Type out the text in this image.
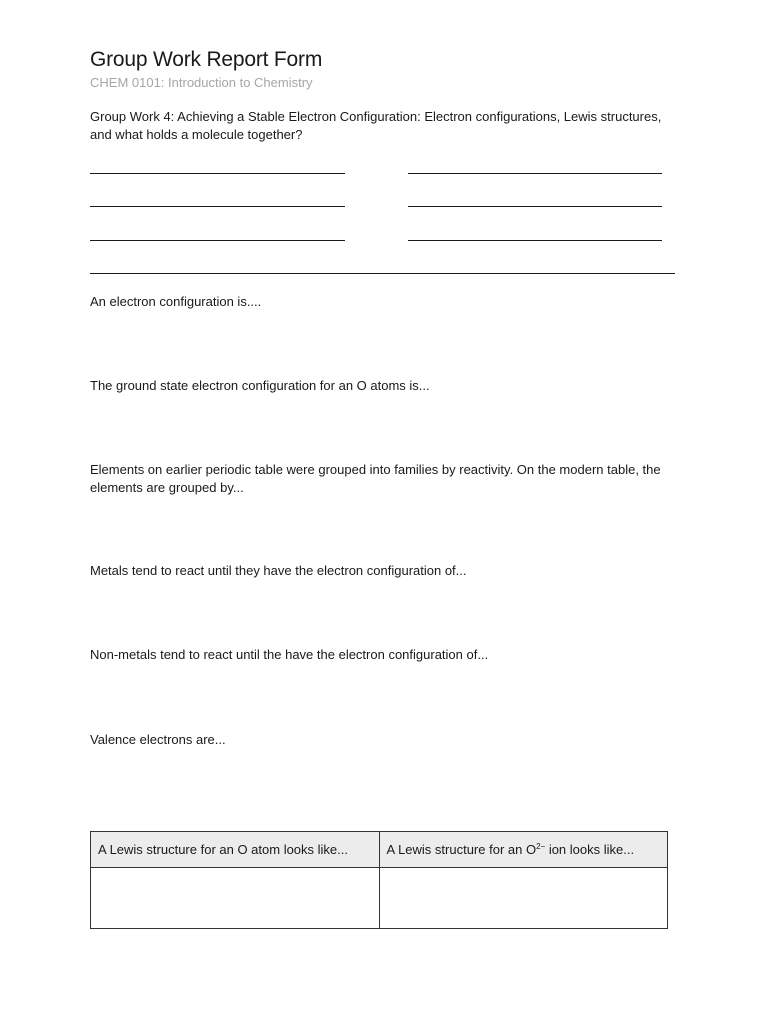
Group Work Report Form
CHEM 0101: Introduction to Chemistry
Group Work 4: Achieving a Stable Electron Configuration: Electron configurations, Lewis structures, and what holds a molecule together?
An electron configuration is....
The ground state electron configuration for an O atoms is...
Elements on earlier periodic table were grouped into families by reactivity. On the modern table, the elements are grouped by...
Metals tend to react until they have the electron configuration of...
Non-metals tend to react until the have the electron configuration of...
Valence electrons are...
A Lewis structure for an O atom looks like...	A Lewis structure for an $O^{2-}$ ion looks like...
